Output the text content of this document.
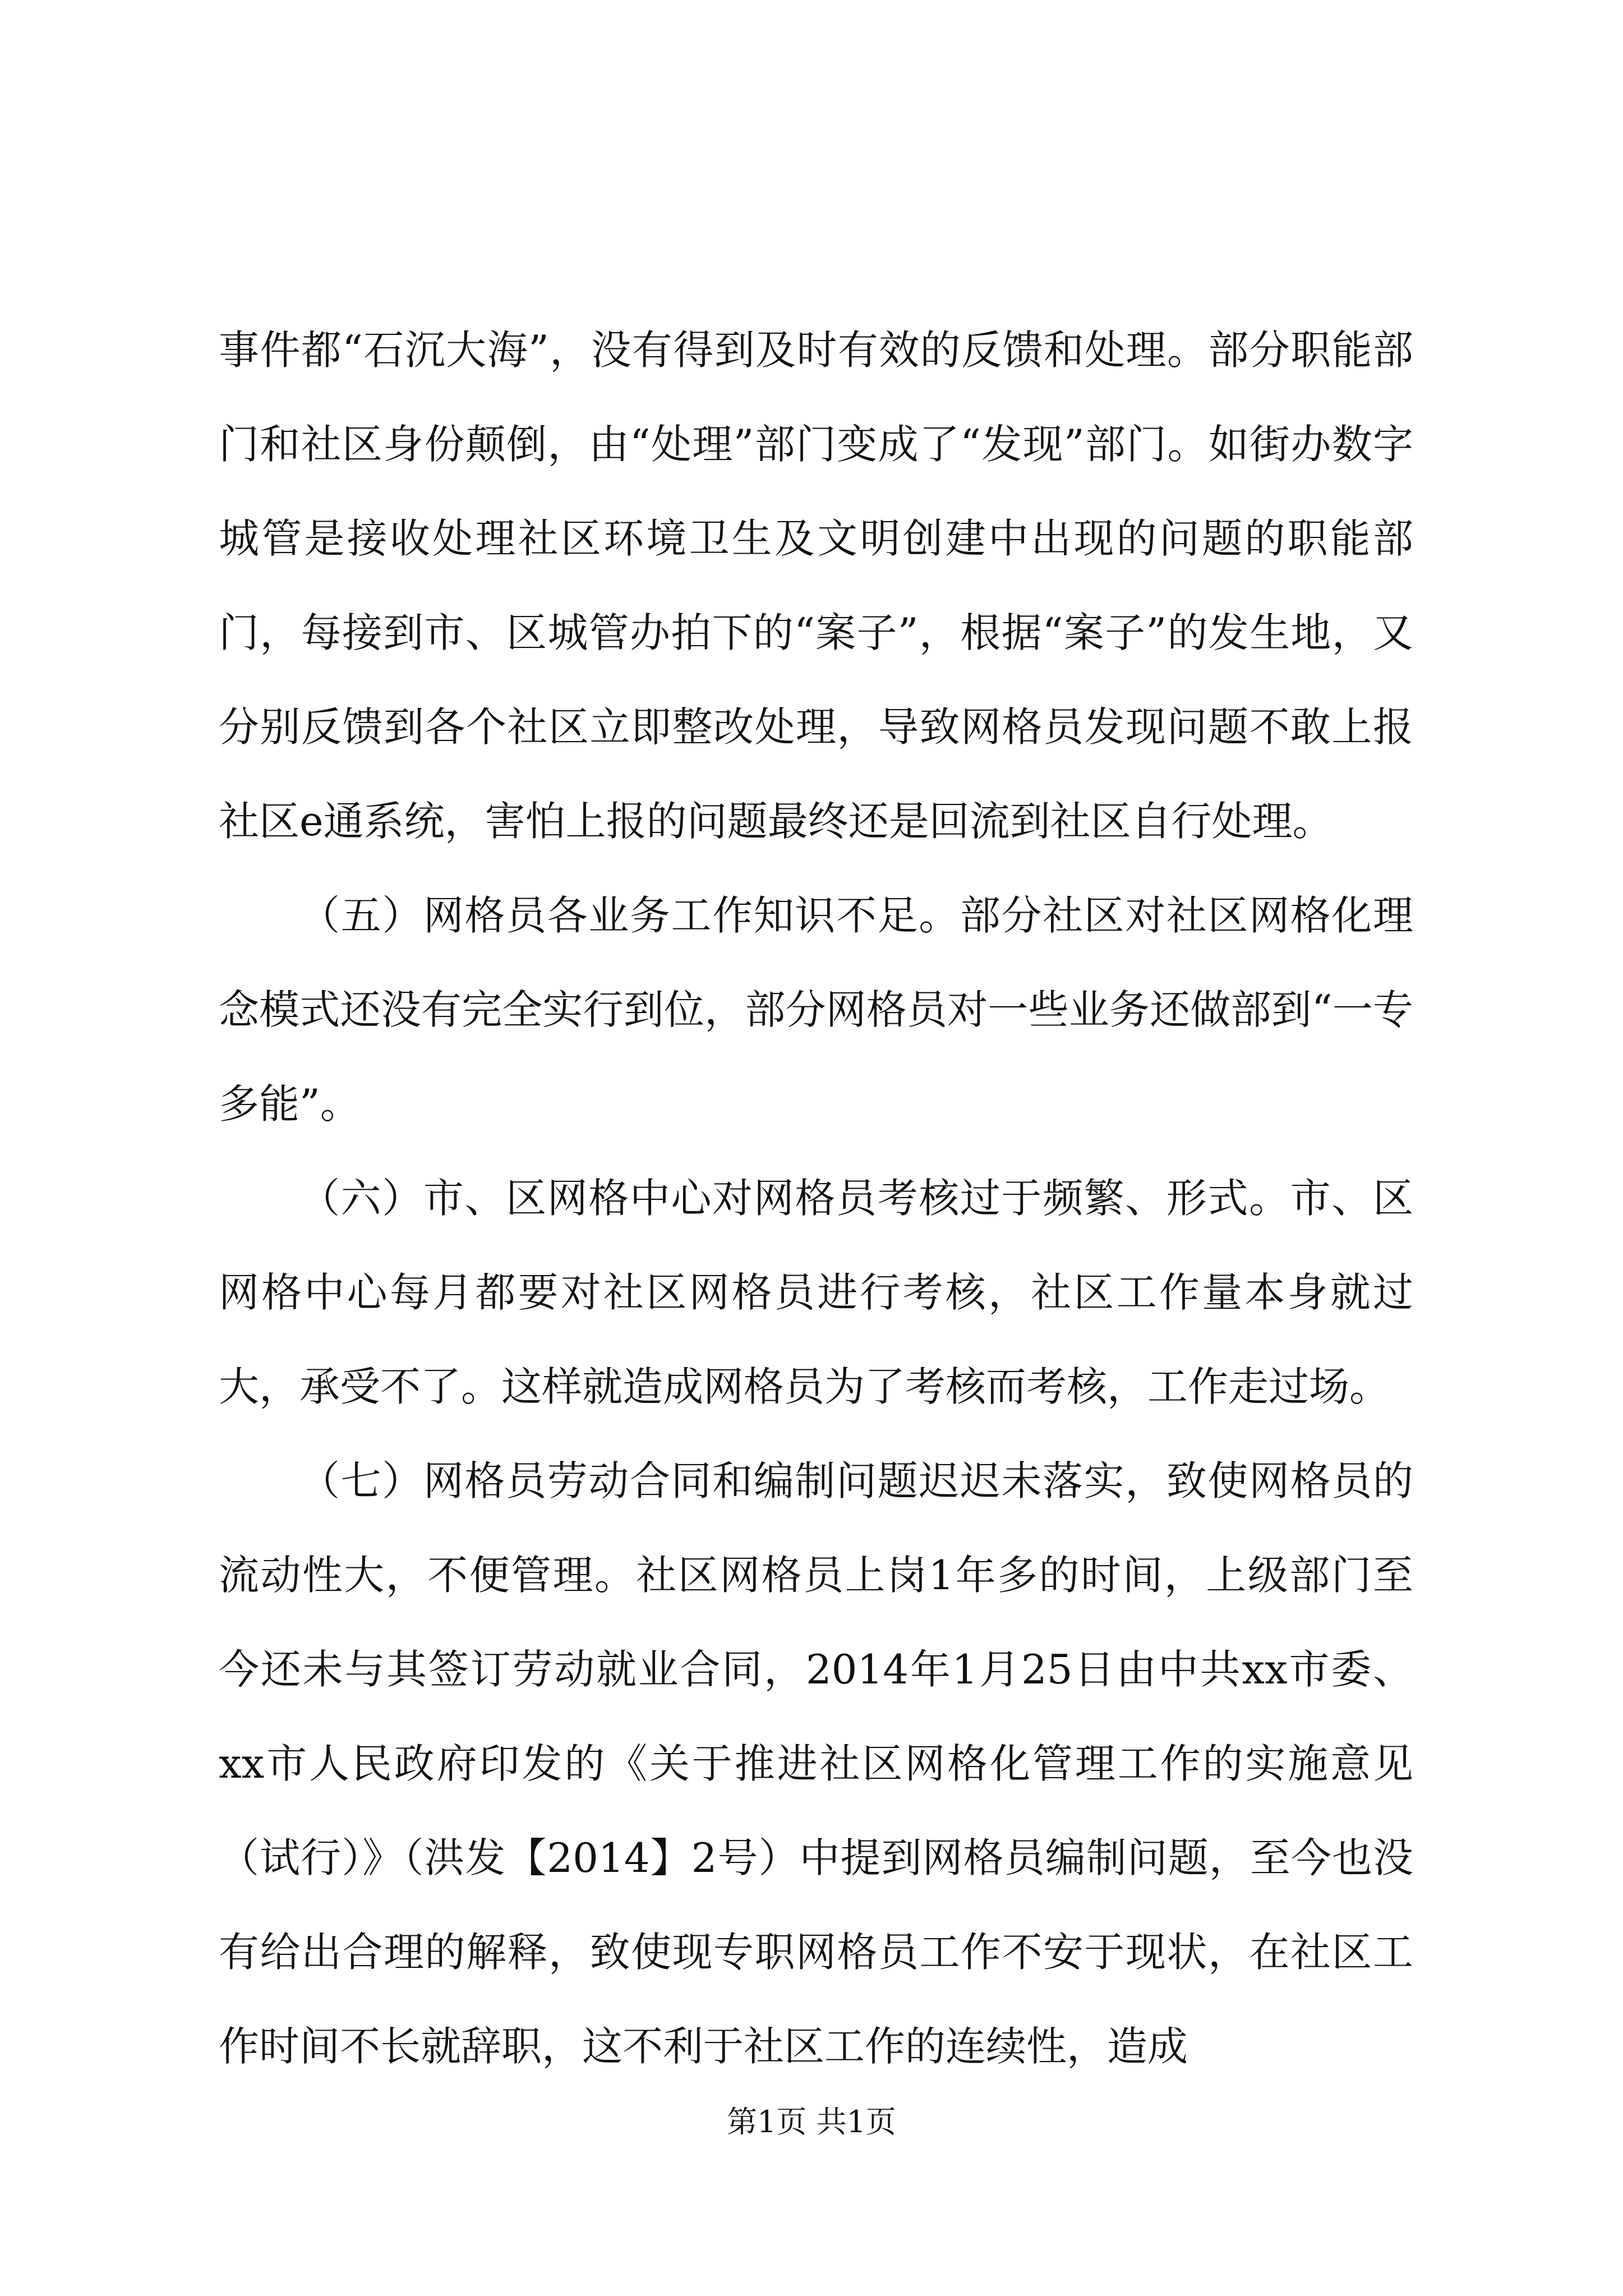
事件都“石沉大海”，没有得到及时有效的反馈和处理。部分职能部门和社区身份颠倒，由“处理”部门变成了“发现”部门。如街办数字城管是接收处理社区环境卫生及文明创建中出现的问题的职能部门，每接到市、区城管办拍下的“案子”，根据“案子”的发生地，又分别反馈到各个社区立即整改处理，导致网格员发现问题不敢上报社区e通系统，害怕上报的问题最终还是回流到社区自行处理。

（五）网格员各业务工作知识不足。部分社区对社区网格化理念模式还没有完全实行到位，部分网格员对一些业务还做部到“一专多能”。

（六）市、区网格中心对网格员考核过于频繁、形式。市、区网格中心每月都要对社区网格员进行考核，社区工作量本身就过大，承受不了。这样就造成网格员为了考核而考核，工作走过场。

（七）网格员劳动合同和编制问题迟迟未落实，致使网格员的流动性大，不便管理。社区网格员上岗1年多的时间，上级部门至今还未与其签订劳动就业合同，2014年1月25日由中共xx市委、xx市人民政府印发的《关于推进社区网格化管理工作的实施意见（试行）》（洪发【2014】2号）中提到网格员编制问题，至今也没有给出合理的解释，致使现专职网格员工作不安于现状，在社区工作时间不长就辞职，这不利于社区工作的连续性，造成

第1页 共1页
